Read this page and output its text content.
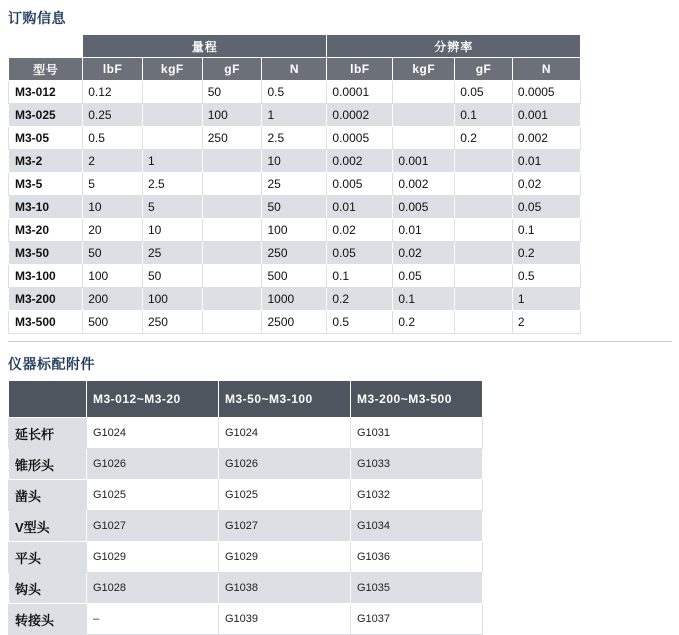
订购信息
	量程				分辨率			
型号	lbF	kgF	gF	N	lbF	kgF	gF	N
M3-012	0.12		50	0.5	0.0001		0.05	0.0005
M3-025	0.25		100	1	0.0002		0.1	0.001
M3-05	0.5		250	2.5	0.0005		0.2	0.002
M3-2	2	1		10	0.002	0.001		0.01
M3-5	5	2.5		25	0.005	0.002		0.02
M3-10	10	5		50	0.01	0.005		0.05
M3-20	20	10		100	0.02	0.01		0.1
M3-50	50	25		250	0.05	0.02		0.2
M3-100	100	50		500	0.1	0.05		0.5
M3-200	200	100		1000	0.2	0.1		1
M3-500	500	250		2500	0.5	0.2		2
仪器标配附件
	M3-012~M3-20	M3-50~M3-100	M3-200~M3-500
延长杆	G1024	G1024	G1031
锥形头	G1026	G1026	G1033
凿头	G1025	G1025	G1032
V型头	G1027	G1027	G1034
平头	G1029	G1029	G1036
钩头	G1028	G1038	G1035
转接头	–	G1039	G1037
